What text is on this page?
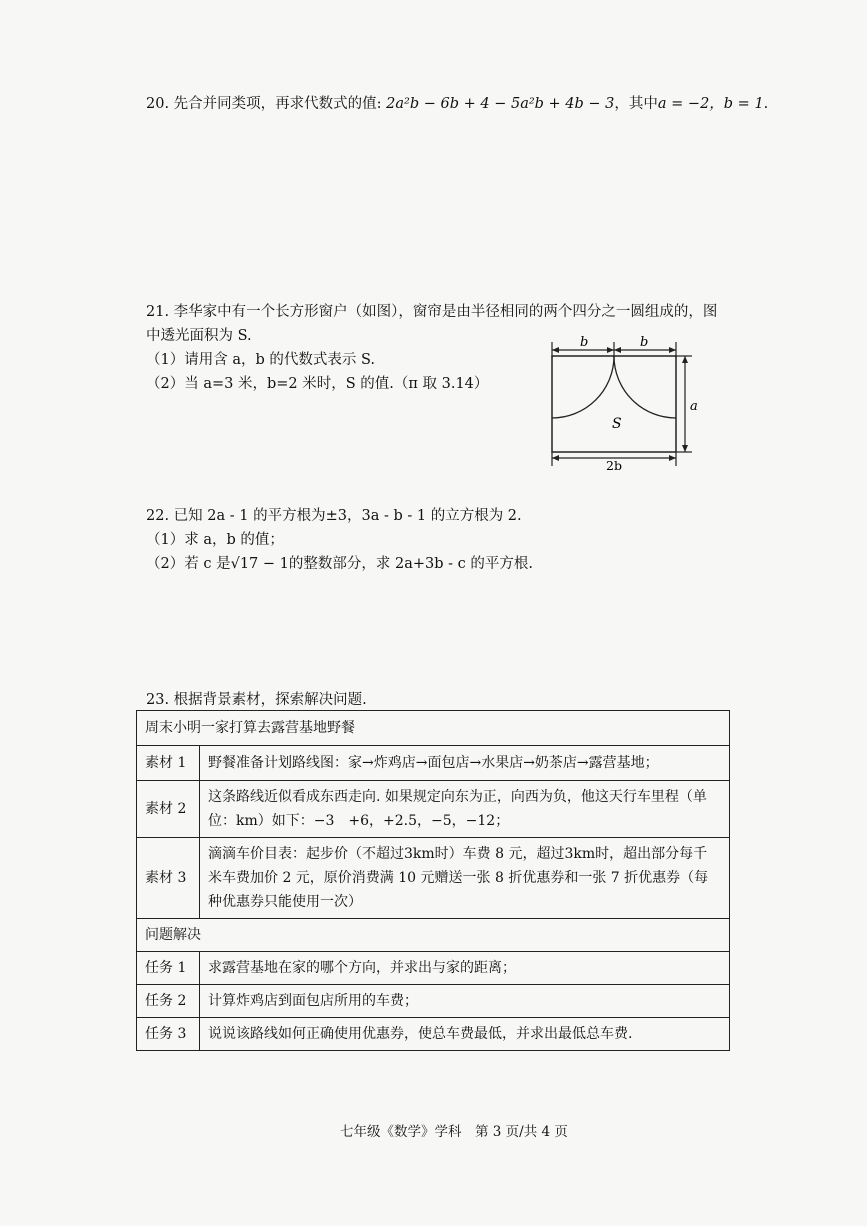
20. 先合并同类项，再求代数式的值: 2a²b − 6b + 4 − 5a²b + 4b − 3，其中a = −2，b = 1.
21. 李华家中有一个长方形窗户（如图），窗帘是由半径相同的两个四分之一圆组成的，图
中透光面积为 S.
（1）请用含 a，b 的代数式表示 S.
（2）当 a=3 米，b=2 米时，S 的值.（π 取 3.14）
b	b
S
a
2b
22. 已知 2a - 1 的平方根为±3，3a - b - 1 的立方根为 2.
（1）求 a，b 的值；
（2）若 c 是√17 − 1的整数部分，求 2a+3b - c 的平方根.
23. 根据背景素材，探索解决问题.
周末小明一家打算去露营基地野餐	
素材 1	野餐准备计划路线图：家→炸鸡店→面包店→水果店→奶茶店→露营基地；
素材 2	这条路线近似看成东西走向. 如果规定向东为正，向西为负，他这天行车里程（单位：km）如下：−3　+6，+2.5，−5，−12；
素材 3	滴滴车价目表：起步价（不超过3km时）车费 8 元，超过3km时，超出部分每千米车费加价 2 元，原价消费满 10 元赠送一张 8 折优惠券和一张 7 折优惠券（每种优惠券只能使用一次）
问题解决	
任务 1	求露营基地在家的哪个方向，并求出与家的距离；
任务 2	计算炸鸡店到面包店所用的车费；
任务 3	说说该路线如何正确使用优惠券，使总车费最低，并求出最低总车费.
七年级《数学》学科　第 3 页/共 4 页
